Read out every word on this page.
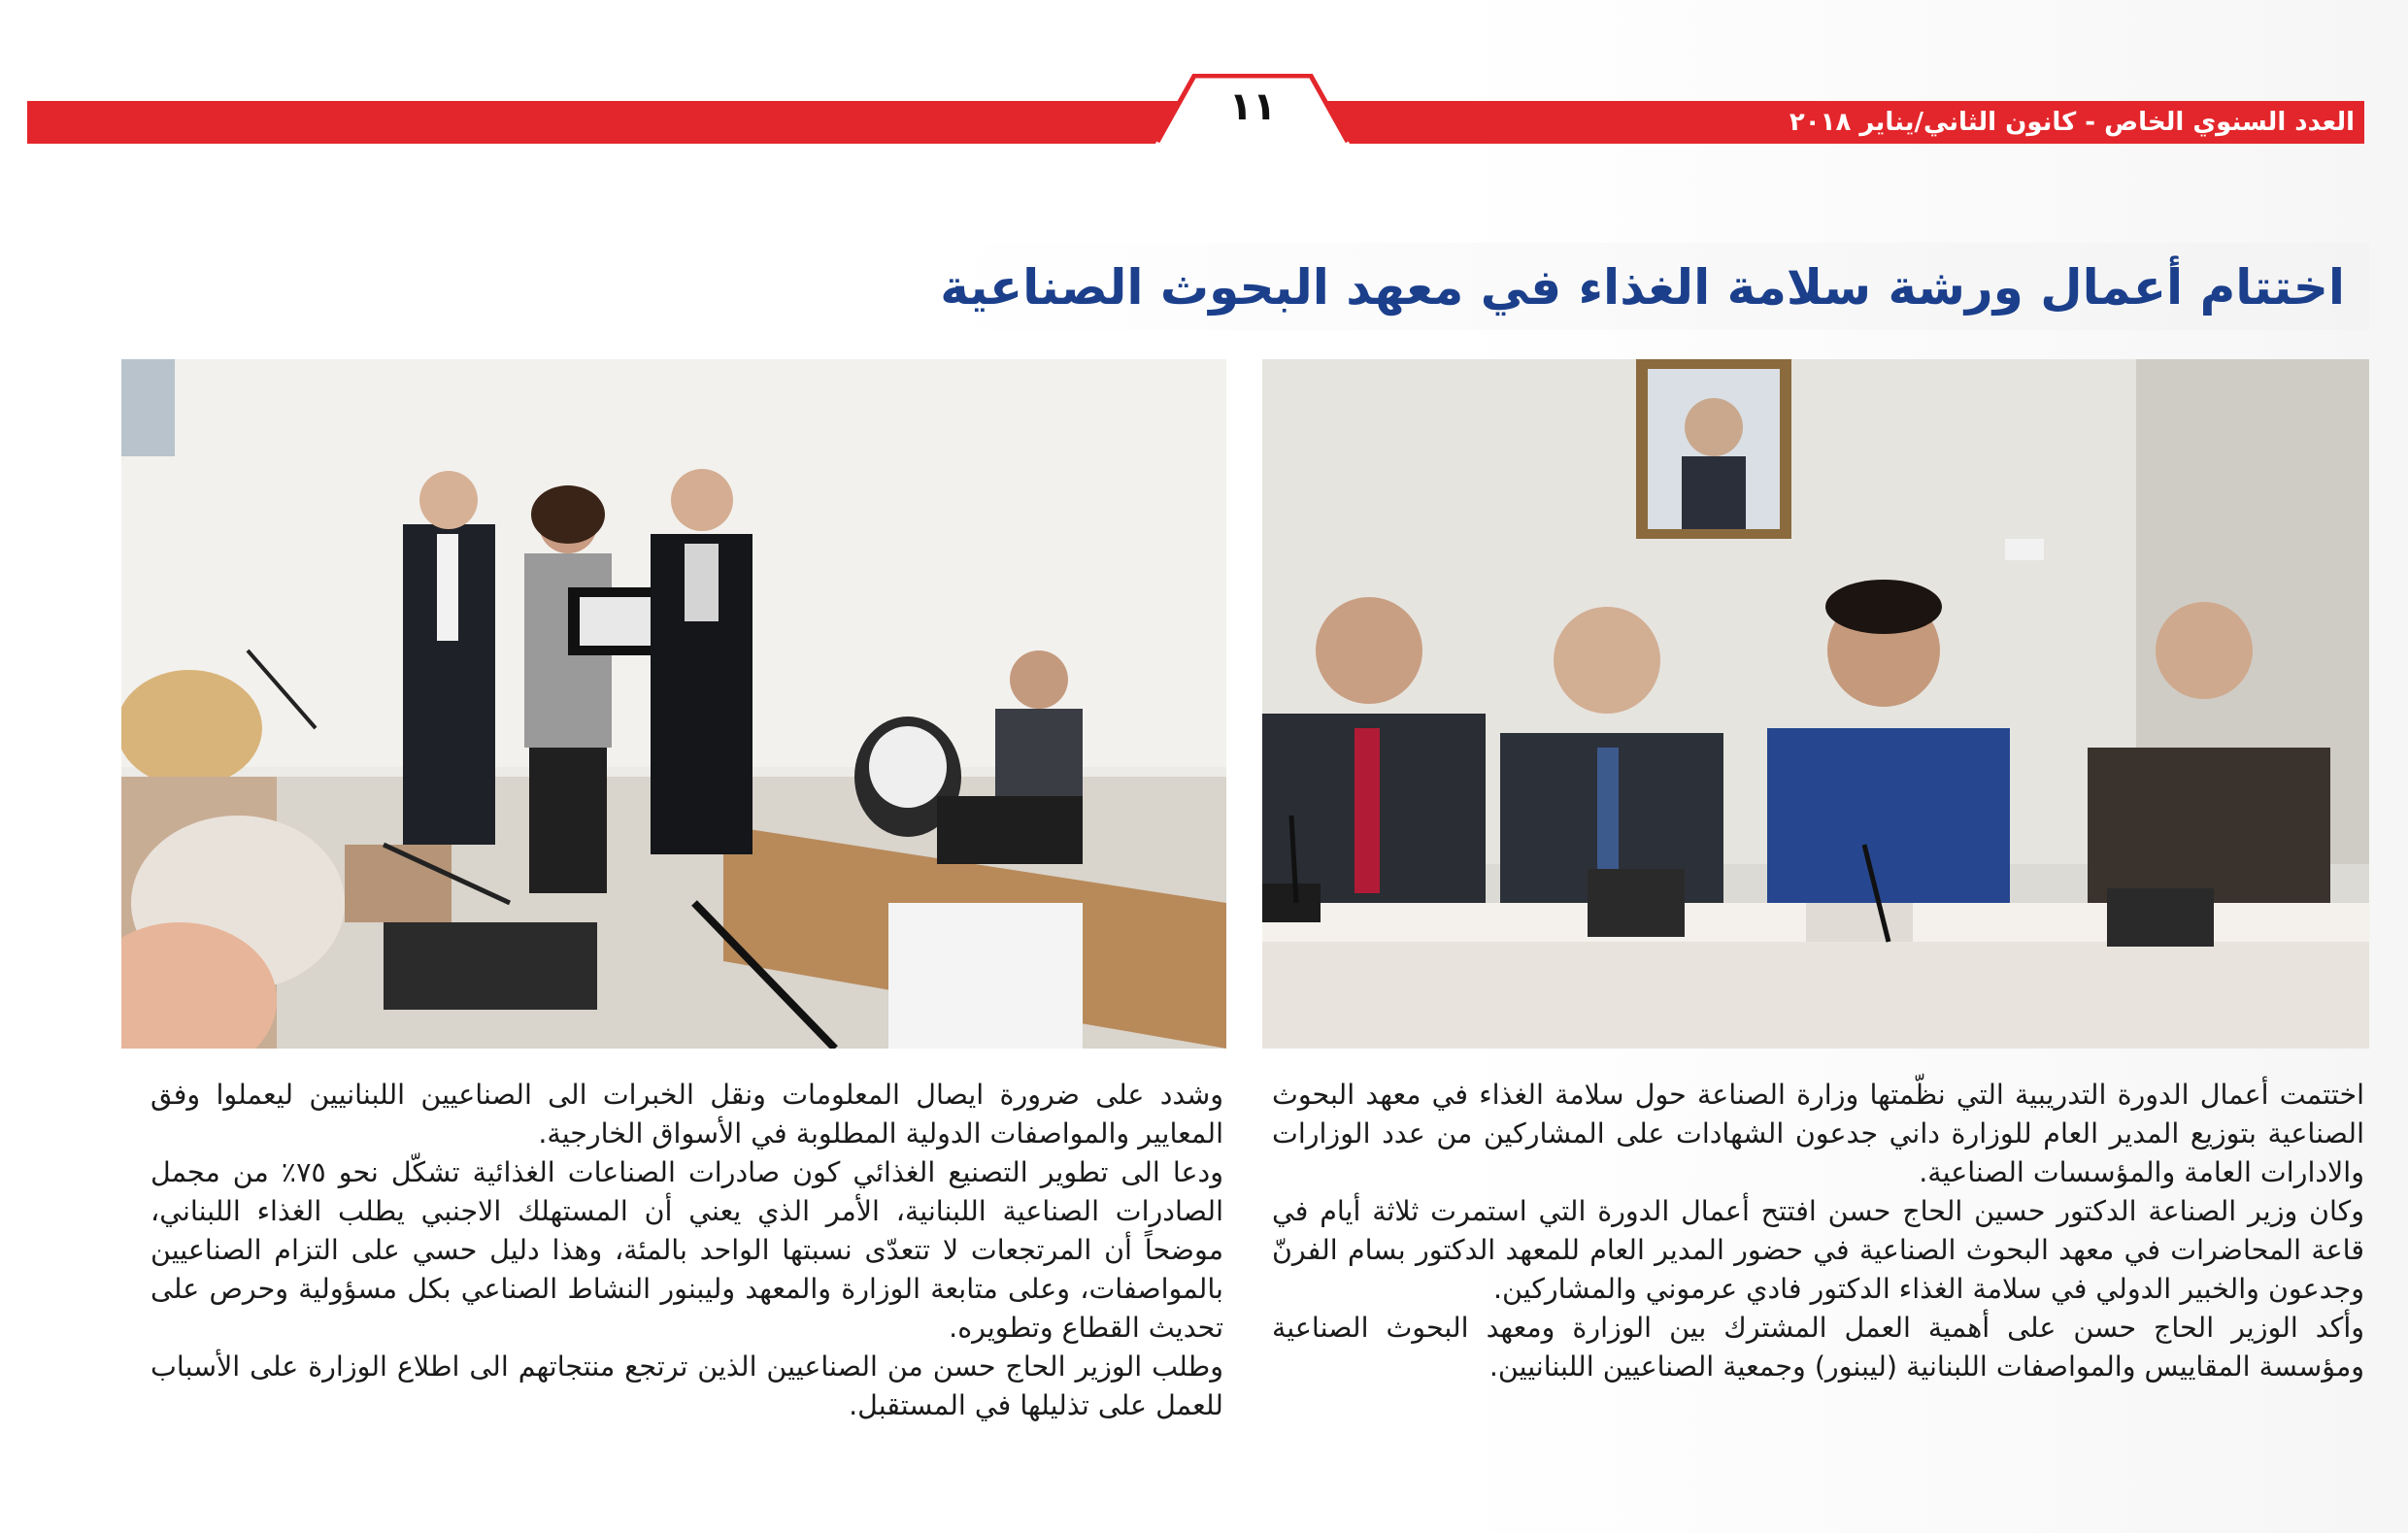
١١	العدد السنوي الخاص - كانون الثاني/يناير ٢٠١٨
اختتام أعمال ورشة سلامة الغذاء في معهد البحوث الصناعية

اختتمت أعمال الدورة التدريبية التي نظّمتها وزارة الصناعة حول سلامة الغذاء في معهد البحوث الصناعية بتوزيع المدير العام للوزارة داني جدعون الشهادات على المشاركين من عدد الوزارات والادارات العامة والمؤسسات الصناعية.

وكان وزير الصناعة الدكتور حسين الحاج حسن افتتح أعمال الدورة التي استمرت ثلاثة أيام في قاعة المحاضرات في معهد البحوث الصناعية في حضور المدير العام للمعهد الدكتور بسام الفرنّ وجدعون والخبير الدولي في سلامة الغذاء الدكتور فادي عرموني والمشاركين.

وأكد الوزير الحاج حسن على أهمية العمل المشترك بين الوزارة ومعهد البحوث الصناعية ومؤسسة المقاييس والمواصفات اللبنانية (ليبنور) وجمعية الصناعيين اللبنانيين.

وشدد على ضرورة ايصال المعلومات ونقل الخبرات الى الصناعيين اللبنانيين ليعملوا وفق المعايير والمواصفات الدولية المطلوبة في الأسواق الخارجية.

ودعا الى تطوير التصنيع الغذائي كون صادرات الصناعات الغذائية تشكّل نحو ٧٥٪ من مجمل الصادرات الصناعية اللبنانية، الأمر الذي يعني أن المستهلك الاجنبي يطلب الغذاء اللبناني، موضحاً أن المرتجعات لا تتعدّى نسبتها الواحد بالمئة، وهذا دليل حسي على التزام الصناعيين بالمواصفات، وعلى متابعة الوزارة والمعهد وليبنور النشاط الصناعي بكل مسؤولية وحرص على تحديث القطاع وتطويره.

وطلب الوزير الحاج حسن من الصناعيين الذين ترتجع منتجاتهم الى اطلاع الوزارة على الأسباب للعمل على تذليلها في المستقبل.
